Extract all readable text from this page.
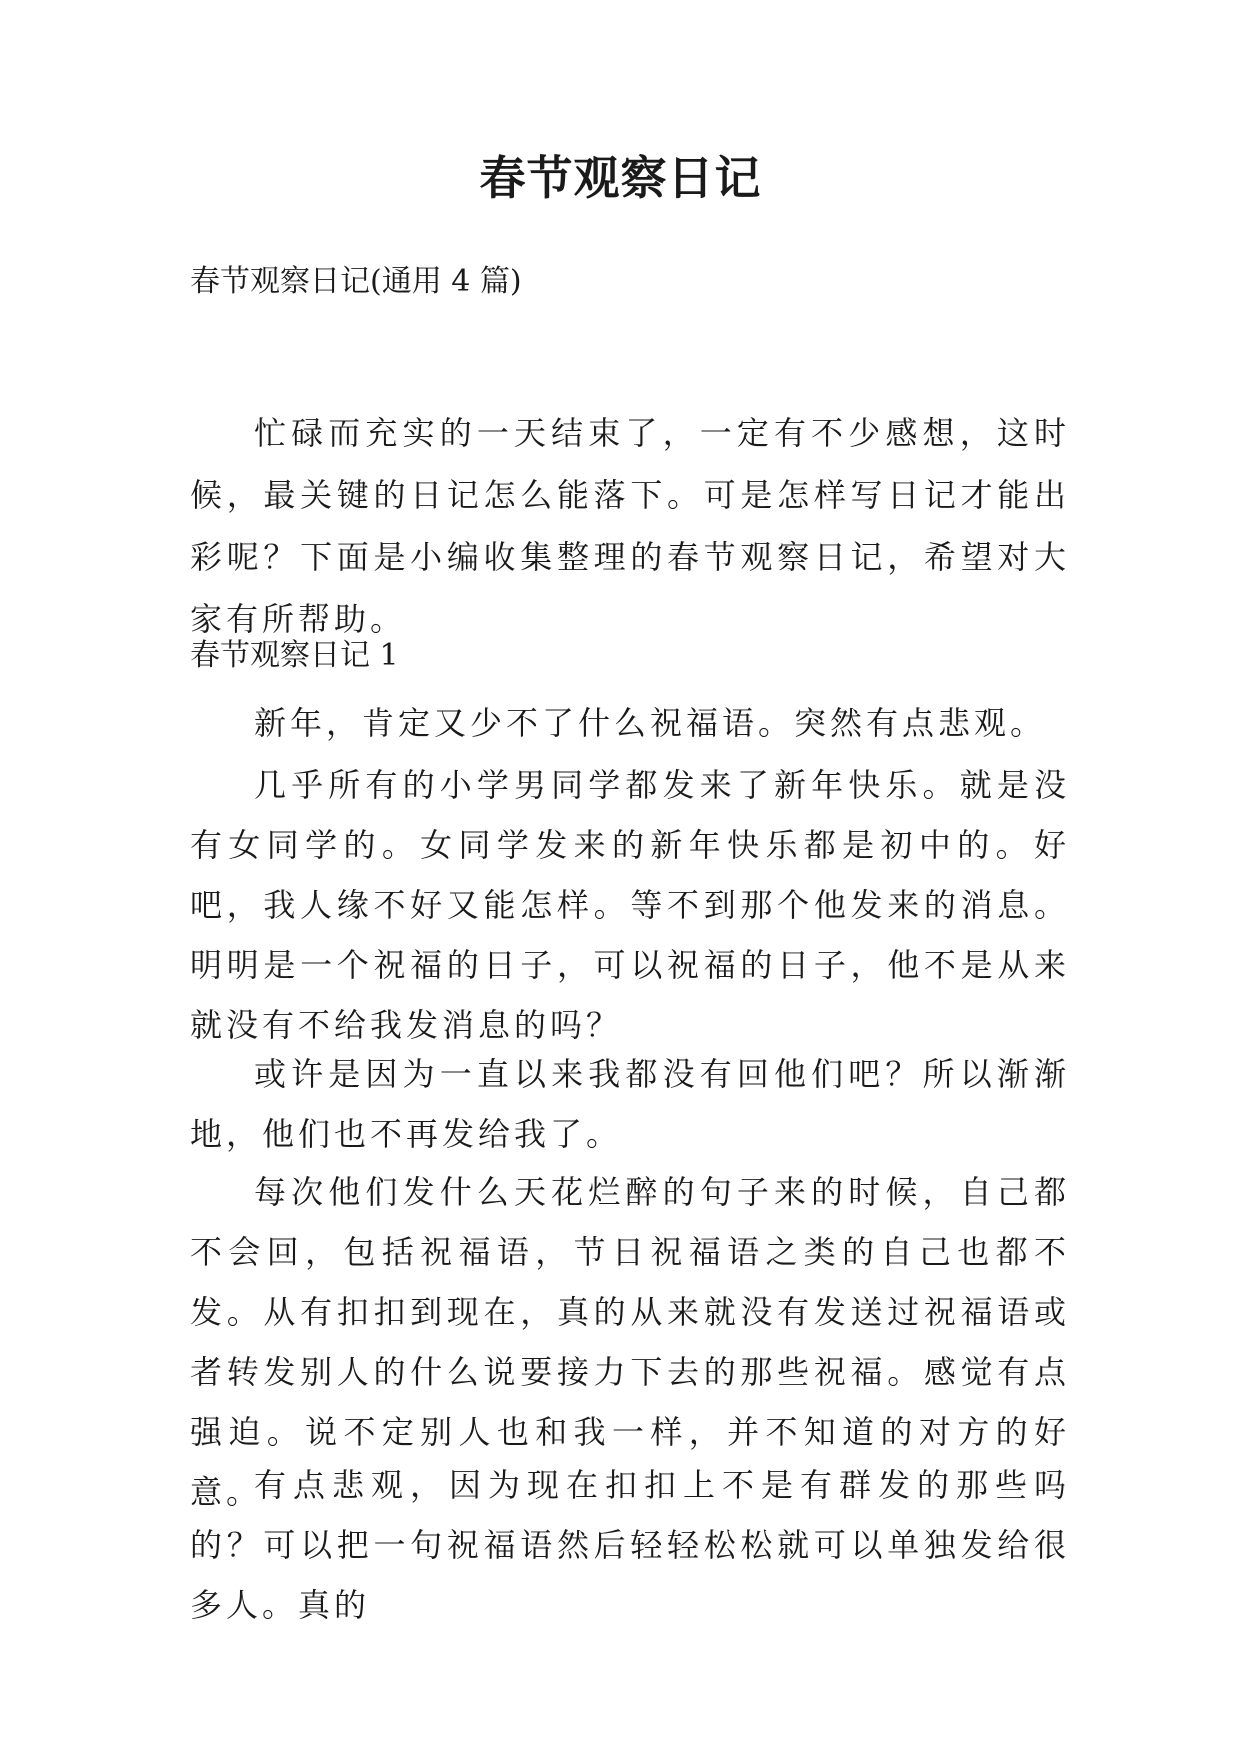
春节观察日记

春节观察日记(通用 4 篇)

忙碌而充实的一天结束了，一定有不少感想，这时候，最关键的日记怎么能落下。可是怎样写日记才能出彩呢？下面是小编收集整理的春节观察日记，希望对大家有所帮助。

春节观察日记 1

新年，肯定又少不了什么祝福语。突然有点悲观。

几乎所有的小学男同学都发来了新年快乐。就是没有女同学的。女同学发来的新年快乐都是初中的。好吧，我人缘不好又能怎样。等不到那个他发来的消息。明明是一个祝福的日子，可以祝福的日子，他不是从来就没有不给我发消息的吗？

或许是因为一直以来我都没有回他们吧？所以渐渐地，他们也不再发给我了。

每次他们发什么天花烂醉的句子来的时候，自己都不会回，包括祝福语，节日祝福语之类的自己也都不发。从有扣扣到现在，真的从来就没有发送过祝福语或者转发别人的什么说要接力下去的那些祝福。感觉有点强迫。说不定别人也和我一样，并不知道的对方的好意。

有点悲观，因为现在扣扣上不是有群发的那些吗的？可以把一句祝福语然后轻轻松松就可以单独发给很多人。真的
